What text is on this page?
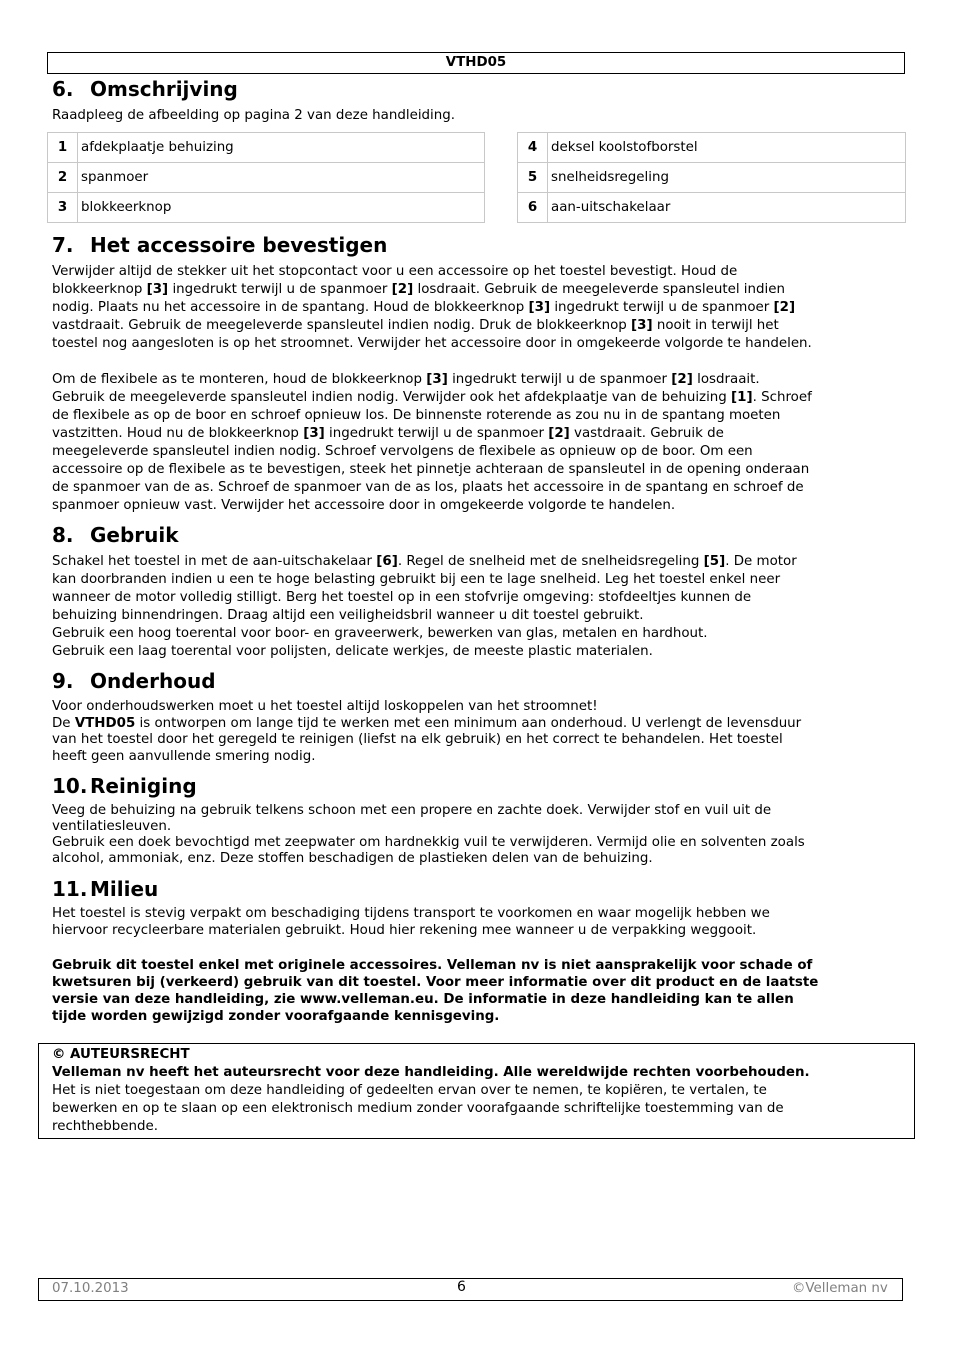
VTHD05
6. Omschrijving

Raadpleeg de afbeelding op pagina 2 van deze handleiding.

1	afdekplaatje behuizing
2	spanmoer
3	blokkeerknop
4	deksel koolstofborstel
5	snelheidsregeling
6	aan-uitschakelaar
7. Het accessoire bevestigen

Verwijder altijd de stekker uit het stopcontact voor u een accessoire op het toestel bevestigt. Houd de
blokkeerknop [3] ingedrukt terwijl u de spanmoer [2] losdraait. Gebruik de meegeleverde spansleutel indien
nodig. Plaats nu het accessoire in de spantang. Houd de blokkeerknop [3] ingedrukt terwijl u de spanmoer [2]
vastdraait. Gebruik de meegeleverde spansleutel indien nodig. Druk de blokkeerknop [3] nooit in terwijl het
toestel nog aangesloten is op het stroomnet. Verwijder het accessoire door in omgekeerde volgorde te handelen.

Om de flexibele as te monteren, houd de blokkeerknop [3] ingedrukt terwijl u de spanmoer [2] losdraait.
Gebruik de meegeleverde spansleutel indien nodig. Verwijder ook het afdekplaatje van de behuizing [1]. Schroef
de flexibele as op de boor en schroef opnieuw los. De binnenste roterende as zou nu in de spantang moeten
vastzitten. Houd nu de blokkeerknop [3] ingedrukt terwijl u de spanmoer [2] vastdraait. Gebruik de
meegeleverde spansleutel indien nodig. Schroef vervolgens de flexibele as opnieuw op de boor. Om een
accessoire op de flexibele as te bevestigen, steek het pinnetje achteraan de spansleutel in de opening onderaan
de spanmoer van de as. Schroef de spanmoer van de as los, plaats het accessoire in de spantang en schroef de
spanmoer opnieuw vast. Verwijder het accessoire door in omgekeerde volgorde te handelen.

8. Gebruik

Schakel het toestel in met de aan-uitschakelaar [6]. Regel de snelheid met de snelheidsregeling [5]. De motor
kan doorbranden indien u een te hoge belasting gebruikt bij een te lage snelheid. Leg het toestel enkel neer
wanneer de motor volledig stilligt. Berg het toestel op in een stofvrije omgeving: stofdeeltjes kunnen de
behuizing binnendringen. Draag altijd een veiligheidsbril wanneer u dit toestel gebruikt.
Gebruik een hoog toerental voor boor- en graveerwerk, bewerken van glas, metalen en hardhout.
Gebruik een laag toerental voor polijsten, delicate werkjes, de meeste plastic materialen.

9. Onderhoud

Voor onderhoudswerken moet u het toestel altijd loskoppelen van het stroomnet!
De VTHD05 is ontworpen om lange tijd te werken met een minimum aan onderhoud. U verlengt de levensduur
van het toestel door het geregeld te reinigen (liefst na elk gebruik) en het correct te behandelen. Het toestel
heeft geen aanvullende smering nodig.

10. Reiniging

Veeg de behuizing na gebruik telkens schoon met een propere en zachte doek. Verwijder stof en vuil uit de
ventilatiesleuven.
Gebruik een doek bevochtigd met zeepwater om hardnekkig vuil te verwijderen. Vermijd olie en solventen zoals
alcohol, ammoniak, enz. Deze stoffen beschadigen de plastieken delen van de behuizing.

11. Milieu

Het toestel is stevig verpakt om beschadiging tijdens transport te voorkomen en waar mogelijk hebben we
hiervoor recycleerbare materialen gebruikt. Houd hier rekening mee wanneer u de verpakking weggooit.

Gebruik dit toestel enkel met originele accessoires. Velleman nv is niet aansprakelijk voor schade of
kwetsuren bij (verkeerd) gebruik van dit toestel. Voor meer informatie over dit product en de laatste
versie van deze handleiding, zie www.velleman.eu. De informatie in deze handleiding kan te allen
tijde worden gewijzigd zonder voorafgaande kennisgeving.

© AUTEURSRECHT
Velleman nv heeft het auteursrecht voor deze handleiding. Alle wereldwijde rechten voorbehouden.
Het is niet toegestaan om deze handleiding of gedeelten ervan over te nemen, te kopiëren, te vertalen, te
bewerken en op te slaan op een elektronisch medium zonder voorafgaande schriftelijke toestemming van de
rechthebbende.
07.10.2013	6	©Velleman nv
